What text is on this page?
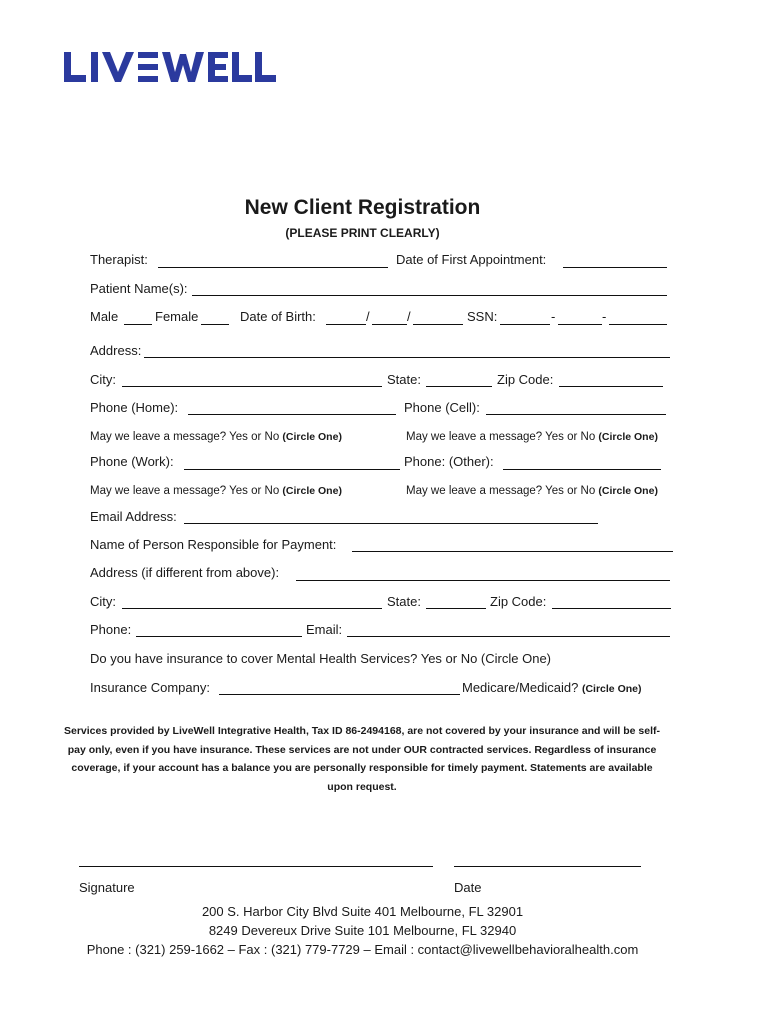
New Client Registration
(PLEASE PRINT CLEARLY)
Therapist:	Date of First Appointment:
Patient Name(s):
Male	Female	Date of Birth:	/	/	SSN:	-	-
Address:
City:	State:	Zip Code:
Phone (Home):	Phone (Cell):
May we leave a message? Yes or No (Circle One)	May we leave a message? Yes or No (Circle One)
Phone (Work):	Phone: (Other):
May we leave a message? Yes or No (Circle One)	May we leave a message? Yes or No (Circle One)
Email Address:
Name of Person Responsible for Payment:
Address (if different from above):
City:	State:	Zip Code:
Phone:	Email:
Do you have insurance to cover Mental Health Services? Yes or No (Circle One)
Insurance Company:	Medicare/Medicaid? (Circle One)
Services provided by LiveWell Integrative Health, Tax ID 86-2494168, are not covered by your insurance and will be self-pay only, even if you have insurance. These services are not under OUR contracted services. Regardless of insurance coverage, if your account has a balance you are personally responsible for timely payment. Statements are available upon request.
Signature	Date
200 S. Harbor City Blvd Suite 401 Melbourne, FL 32901
8249 Devereux Drive Suite 101 Melbourne, FL 32940
Phone : (321) 259-1662 – Fax : (321) 779-7729 – Email : contact@livewellbehavioralhealth.com
